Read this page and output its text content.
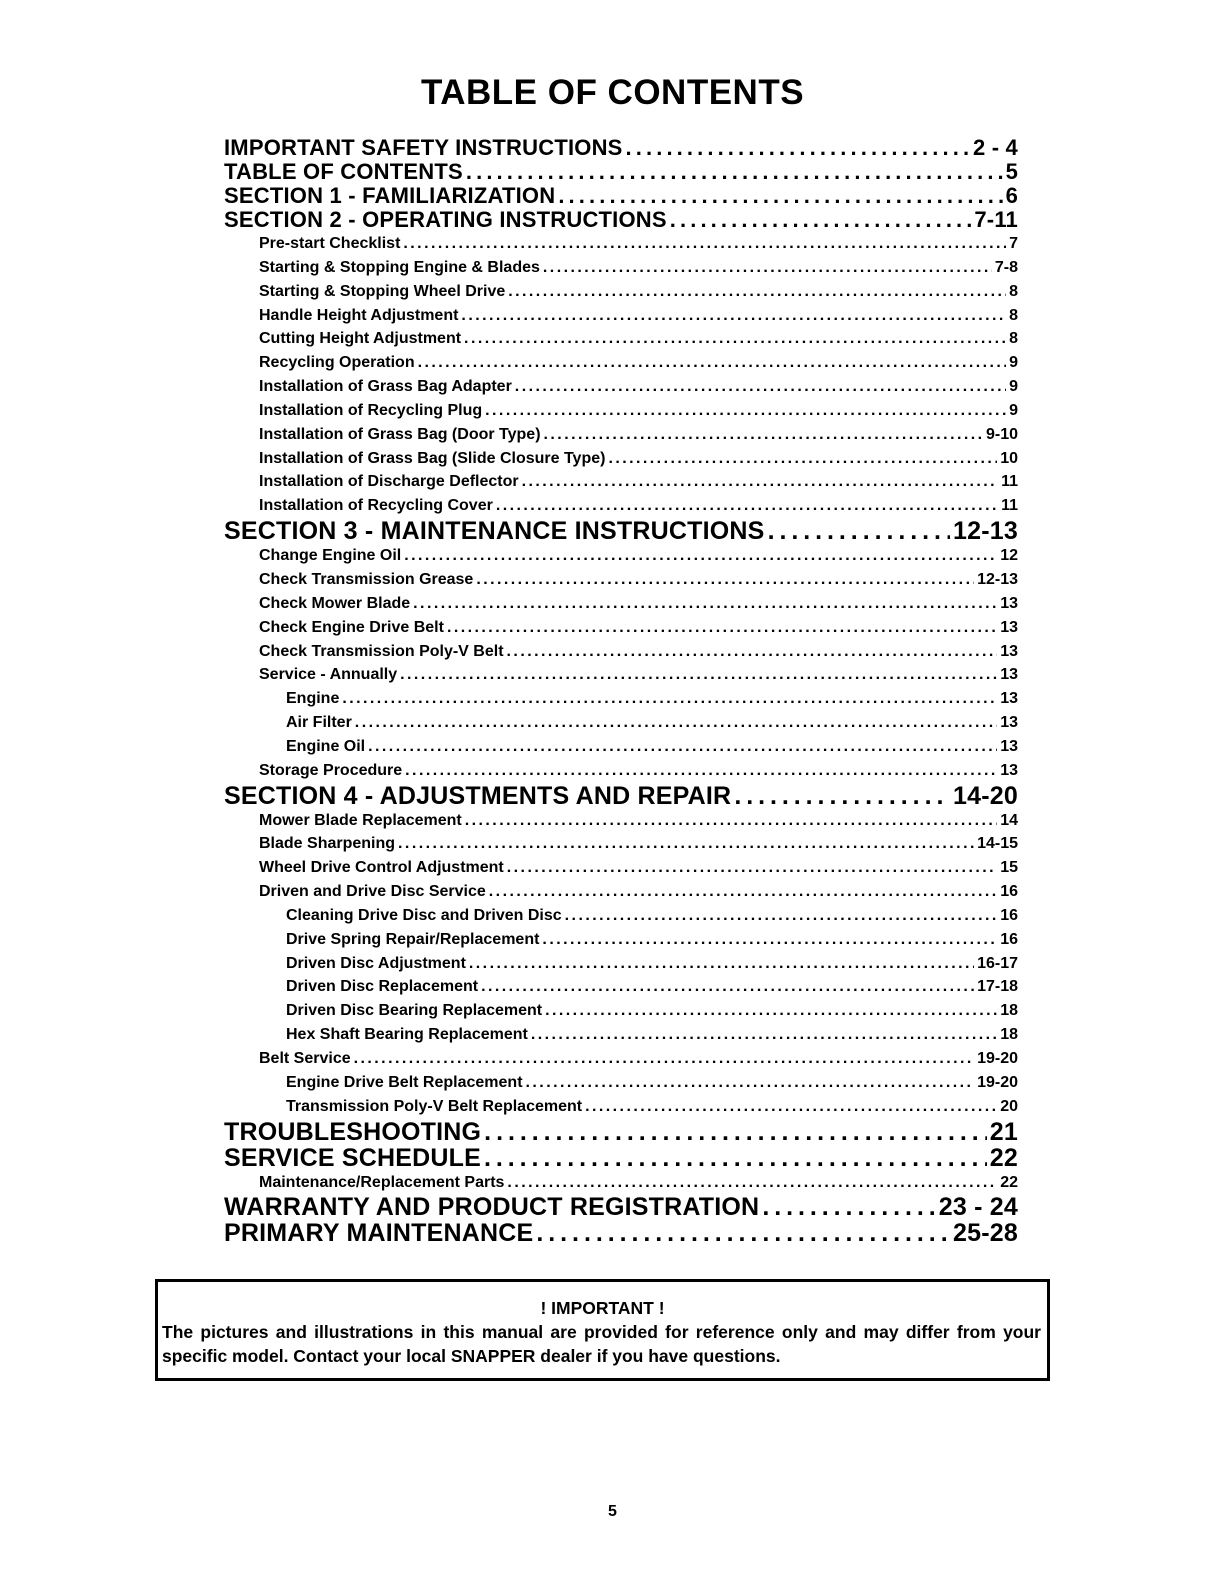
TABLE OF CONTENTS
IMPORTANT SAFETY INSTRUCTIONS . . .	2 - 4
TABLE OF CONTENTS . . .	5
SECTION 1 - FAMILIARIZATION . . .	6
SECTION 2 - OPERATING INSTRUCTIONS . . .	7-11
Pre-start Checklist . . .	7
Starting & Stopping Engine & Blades . . .	7-8
Starting & Stopping Wheel Drive . . .	8
Handle Height Adjustment . . .	8
Cutting Height Adjustment . . .	8
Recycling Operation . . .	9
Installation of Grass Bag Adapter . . .	9
Installation of Recycling Plug . . .	9
Installation of Grass Bag (Door Type) . . .	9-10
Installation of Grass Bag (Slide Closure Type) . . .	10
Installation of Discharge Deflector . . .	11
Installation of Recycling Cover . . .	11
SECTION 3 - MAINTENANCE INSTRUCTIONS . . .	12-13
Change Engine Oil . . .	12
Check Transmission Grease . . .	12-13
Check Mower Blade . . .	13
Check Engine Drive Belt . . .	13
Check Transmission Poly-V Belt . . .	13
Service - Annually . . .	13
Engine . . .	13
Air Filter . . .	13
Engine Oil . . .	13
Storage Procedure . . .	13
SECTION 4 - ADJUSTMENTS AND REPAIR . . .	14-20
Mower Blade Replacement . . .	14
Blade Sharpening . . .	14-15
Wheel Drive Control Adjustment . . .	15
Driven and Drive Disc Service . . .	16
Cleaning Drive Disc and Driven Disc . . .	16
Drive Spring Repair/Replacement . . .	16
Driven Disc Adjustment . . .	16-17
Driven Disc Replacement . . .	17-18
Driven Disc Bearing Replacement . . .	18
Hex Shaft Bearing Replacement . . .	18
Belt Service . . .	19-20
Engine Drive Belt Replacement . . .	19-20
Transmission Poly-V Belt Replacement . . .	20
TROUBLESHOOTING . . .	21
SERVICE SCHEDULE . . .	22
Maintenance/Replacement Parts . . .	22
WARRANTY AND PRODUCT REGISTRATION . . .	23 - 24
PRIMARY MAINTENANCE . . .	25-28
! IMPORTANT !
The pictures and illustrations in this manual are provided for reference only and may differ from your specific model. Contact your local SNAPPER dealer if you have questions.
5
